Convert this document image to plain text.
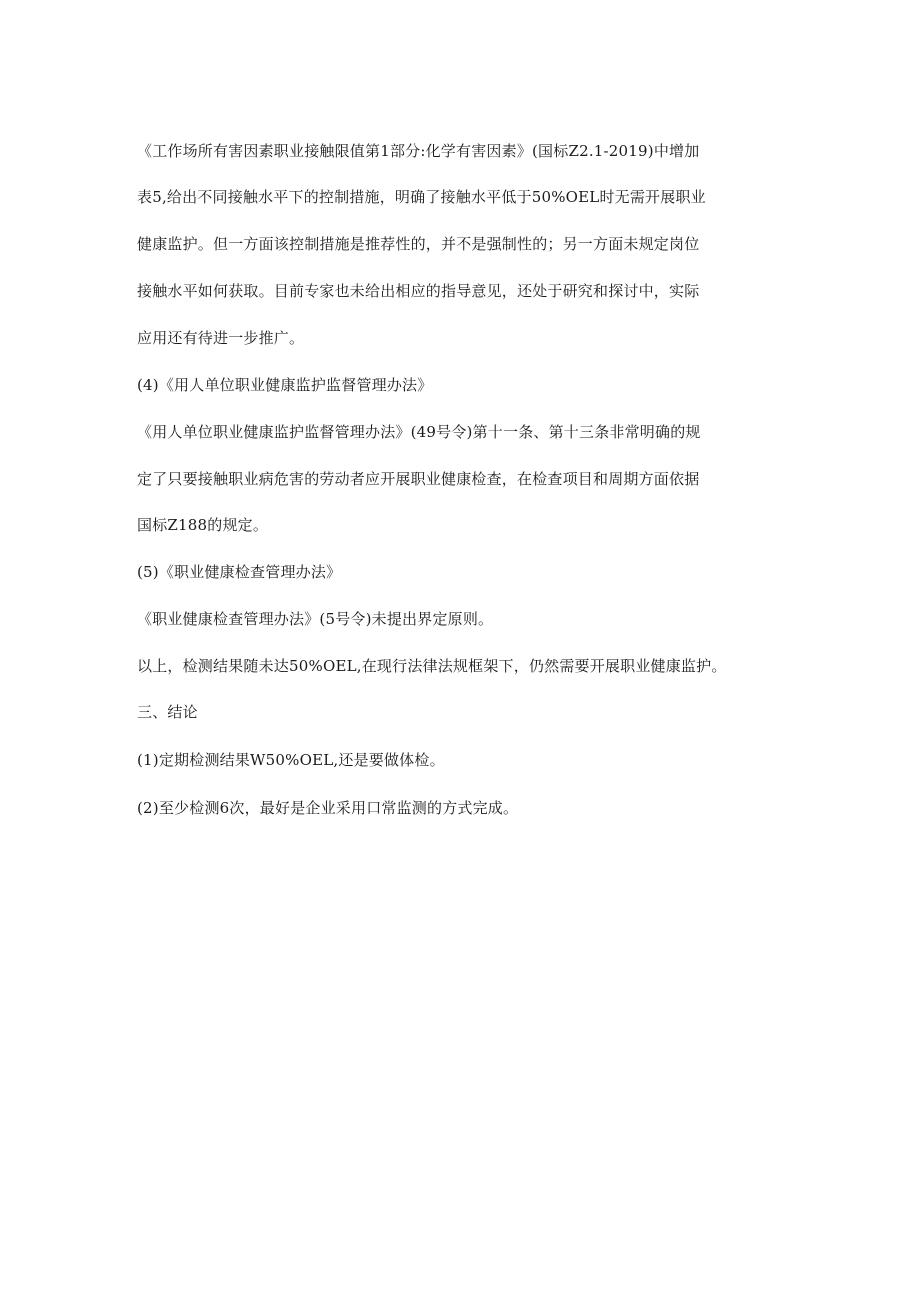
《工作场所有害因素职业接触限值第1部分:化学有害因素》(国标Z2.1-2019)中增加
表5,给出不同接触水平下的控制措施，明确了接触水平低于50%OEL时无需开展职业
健康监护。但一方面该控制措施是推荐性的，并不是强制性的；另一方面未规定岗位
接触水平如何获取。目前专家也未给出相应的指导意见，还处于研究和探讨中，实际
应用还有待进一步推广。
(4)《用人单位职业健康监护监督管理办法》
《用人单位职业健康监护监督管理办法》(49号令)第十一条、第十三条非常明确的规
定了只要接触职业病危害的劳动者应开展职业健康检查，在检查项目和周期方面依据
国标Z188的规定。
(5)《职业健康检查管理办法》
《职业健康检查管理办法》(5号令)未提出界定原则。
以上，检测结果随未达50%OEL,在现行法律法规框架下，仍然需要开展职业健康监护。
三、结论
(1)定期检测结果W50%OEL,还是要做体检。
(2)至少检测6次，最好是企业采用口常监测的方式完成。
